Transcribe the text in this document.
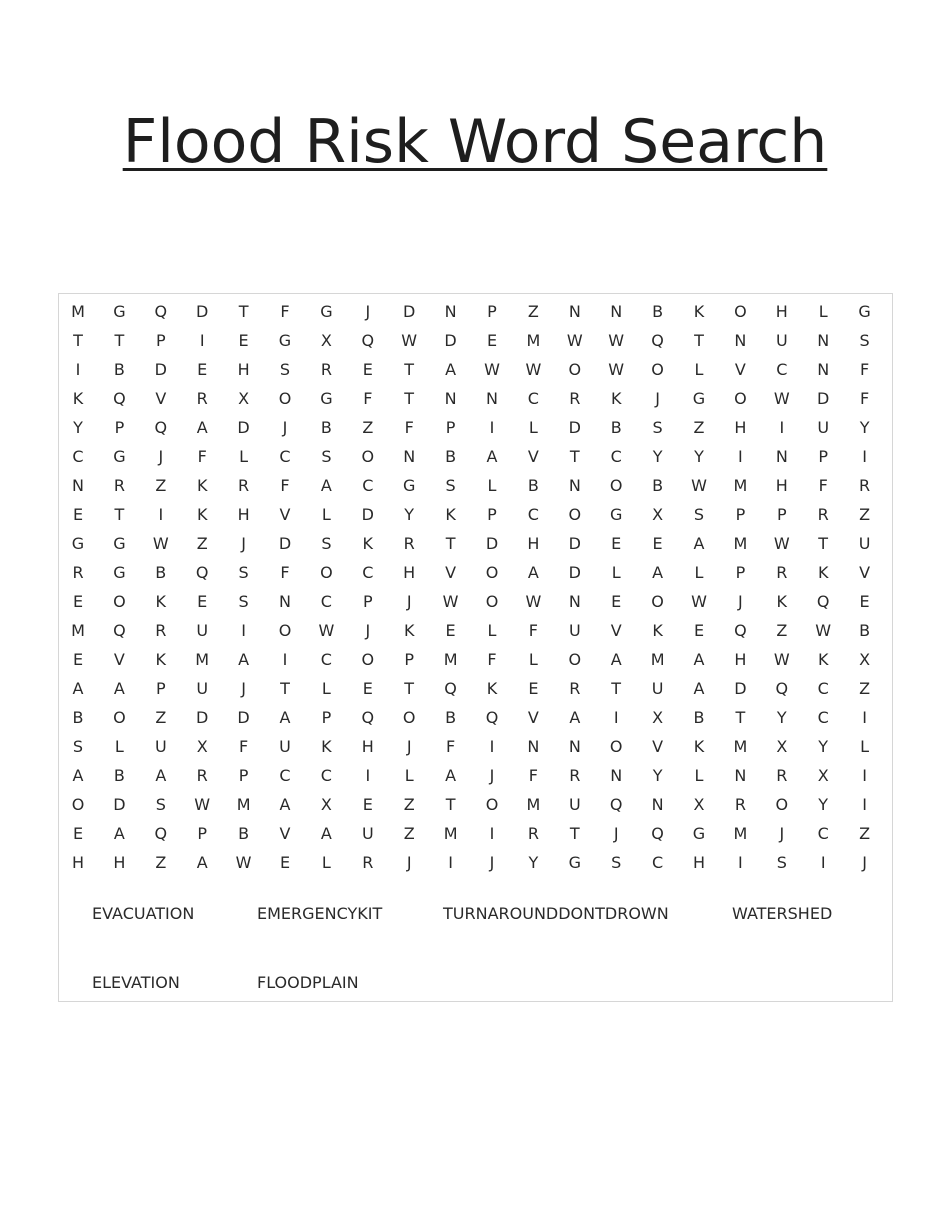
Flood Risk Word Search
M	G	Q	D	T	F	G	J	D	N	P	Z	N	N	B	K	O	H	L	G
T	T	P	I	E	G	X	Q	W	D	E	M	W	W	Q	T	N	U	N	S
I	B	D	E	H	S	R	E	T	A	W	W	O	W	O	L	V	C	N	F
K	Q	V	R	X	O	G	F	T	N	N	C	R	K	J	G	O	W	D	F
Y	P	Q	A	D	J	B	Z	F	P	I	L	D	B	S	Z	H	I	U	Y
C	G	J	F	L	C	S	O	N	B	A	V	T	C	Y	Y	I	N	P	I
N	R	Z	K	R	F	A	C	G	S	L	B	N	O	B	W	M	H	F	R
E	T	I	K	H	V	L	D	Y	K	P	C	O	G	X	S	P	P	R	Z
G	G	W	Z	J	D	S	K	R	T	D	H	D	E	E	A	M	W	T	U
R	G	B	Q	S	F	O	C	H	V	O	A	D	L	A	L	P	R	K	V
E	O	K	E	S	N	C	P	J	W	O	W	N	E	O	W	J	K	Q	E
M	Q	R	U	I	O	W	J	K	E	L	F	U	V	K	E	Q	Z	W	B
E	V	K	M	A	I	C	O	P	M	F	L	O	A	M	A	H	W	K	X
A	A	P	U	J	T	L	E	T	Q	K	E	R	T	U	A	D	Q	C	Z
B	O	Z	D	D	A	P	Q	O	B	Q	V	A	I	X	B	T	Y	C	I
S	L	U	X	F	U	K	H	J	F	I	N	N	O	V	K	M	X	Y	L
A	B	A	R	P	C	C	I	L	A	J	F	R	N	Y	L	N	R	X	I
O	D	S	W	M	A	X	E	Z	T	O	M	U	Q	N	X	R	O	Y	I
E	A	Q	P	B	V	A	U	Z	M	I	R	T	J	Q	G	M	J	C	Z
H	H	Z	A	W	E	L	R	J	I	J	Y	G	S	C	H	I	S	I	J
EVACUATION	EMERGENCYKIT	TURNAROUNDDONTDROWN	WATERSHED
ELEVATION	FLOODPLAIN
